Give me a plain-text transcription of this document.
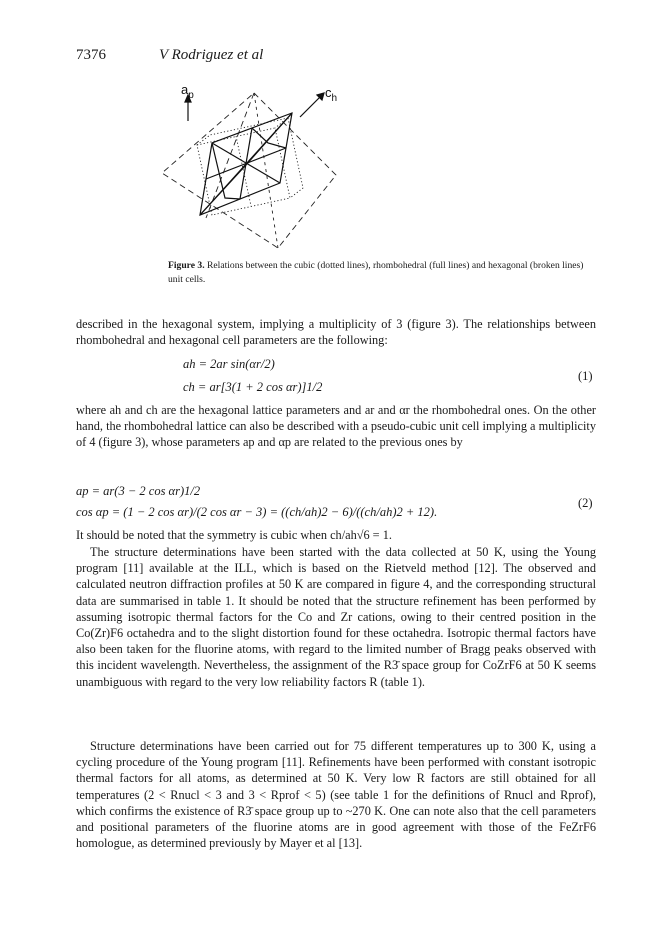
7376	V Rodriguez et al
$a_p$	$c_h$
Figure 3. Relations between the cubic (dotted lines), rhombohedral (full lines) and hexagonal (broken lines) unit cells.
described in the hexagonal system, implying a multiplicity of 3 (figure 3). The relationships between rhombohedral and hexagonal cell parameters are the following:
ah = 2ar sin(αr/2)
ch = ar[3(1 + 2 cos αr)]1/2
(1)
where ah and ch are the hexagonal lattice parameters and ar and αr the rhombohedral ones. On the other hand, the rhombohedral lattice can also be described with a pseudo-cubic unit cell implying a multiplicity of 4 (figure 3), whose parameters ap and αp are related to the previous ones by
ap = ar(3 − 2 cos αr)1/2
cos αp = (1 − 2 cos αr)/(2 cos αr − 3) = ((ch/ah)2 − 6)/((ch/ah)2 + 12).
(2)
It should be noted that the symmetry is cubic when ch/ah√6 = 1.
The structure determinations have been started with the data collected at 50 K, using the Young program [11] available at the ILL, which is based on the Rietveld method [12]. The observed and calculated neutron diffraction profiles at 50 K are compared in figure 4, and the corresponding structural data are summarised in table 1. It should be noted that the structure refinement has been performed by assuming isotropic thermal factors for the Co and Zr cations, owing to their centred position in the Co(Zr)F6 octahedra and to the slight distortion found for these octahedra. Isotropic thermal factors have also been taken for the fluorine atoms, with regard to the limited number of Bragg peaks observed with this incident wavelength. Nevertheless, the assignment of the R3̄ space group for CoZrF6 at 50 K seems unambiguous with regard to the very low reliability factors R (table 1).
Structure determinations have been carried out for 75 different temperatures up to 300 K, using a cycling procedure of the Young program [11]. Refinements have been performed with constant isotropic thermal factors for all atoms, as determined at 50 K. Very low R factors are still obtained for all temperatures (2 < Rnucl < 3 and 3 < Rprof < 5) (see table 1 for the definitions of Rnucl and Rprof), which confirms the existence of R3̄ space group up to ~270 K. One can note also that the cell parameters and positional parameters of the fluorine atoms are in good agreement with those of the FeZrF6 homologue, as determined previously by Mayer et al [13].
